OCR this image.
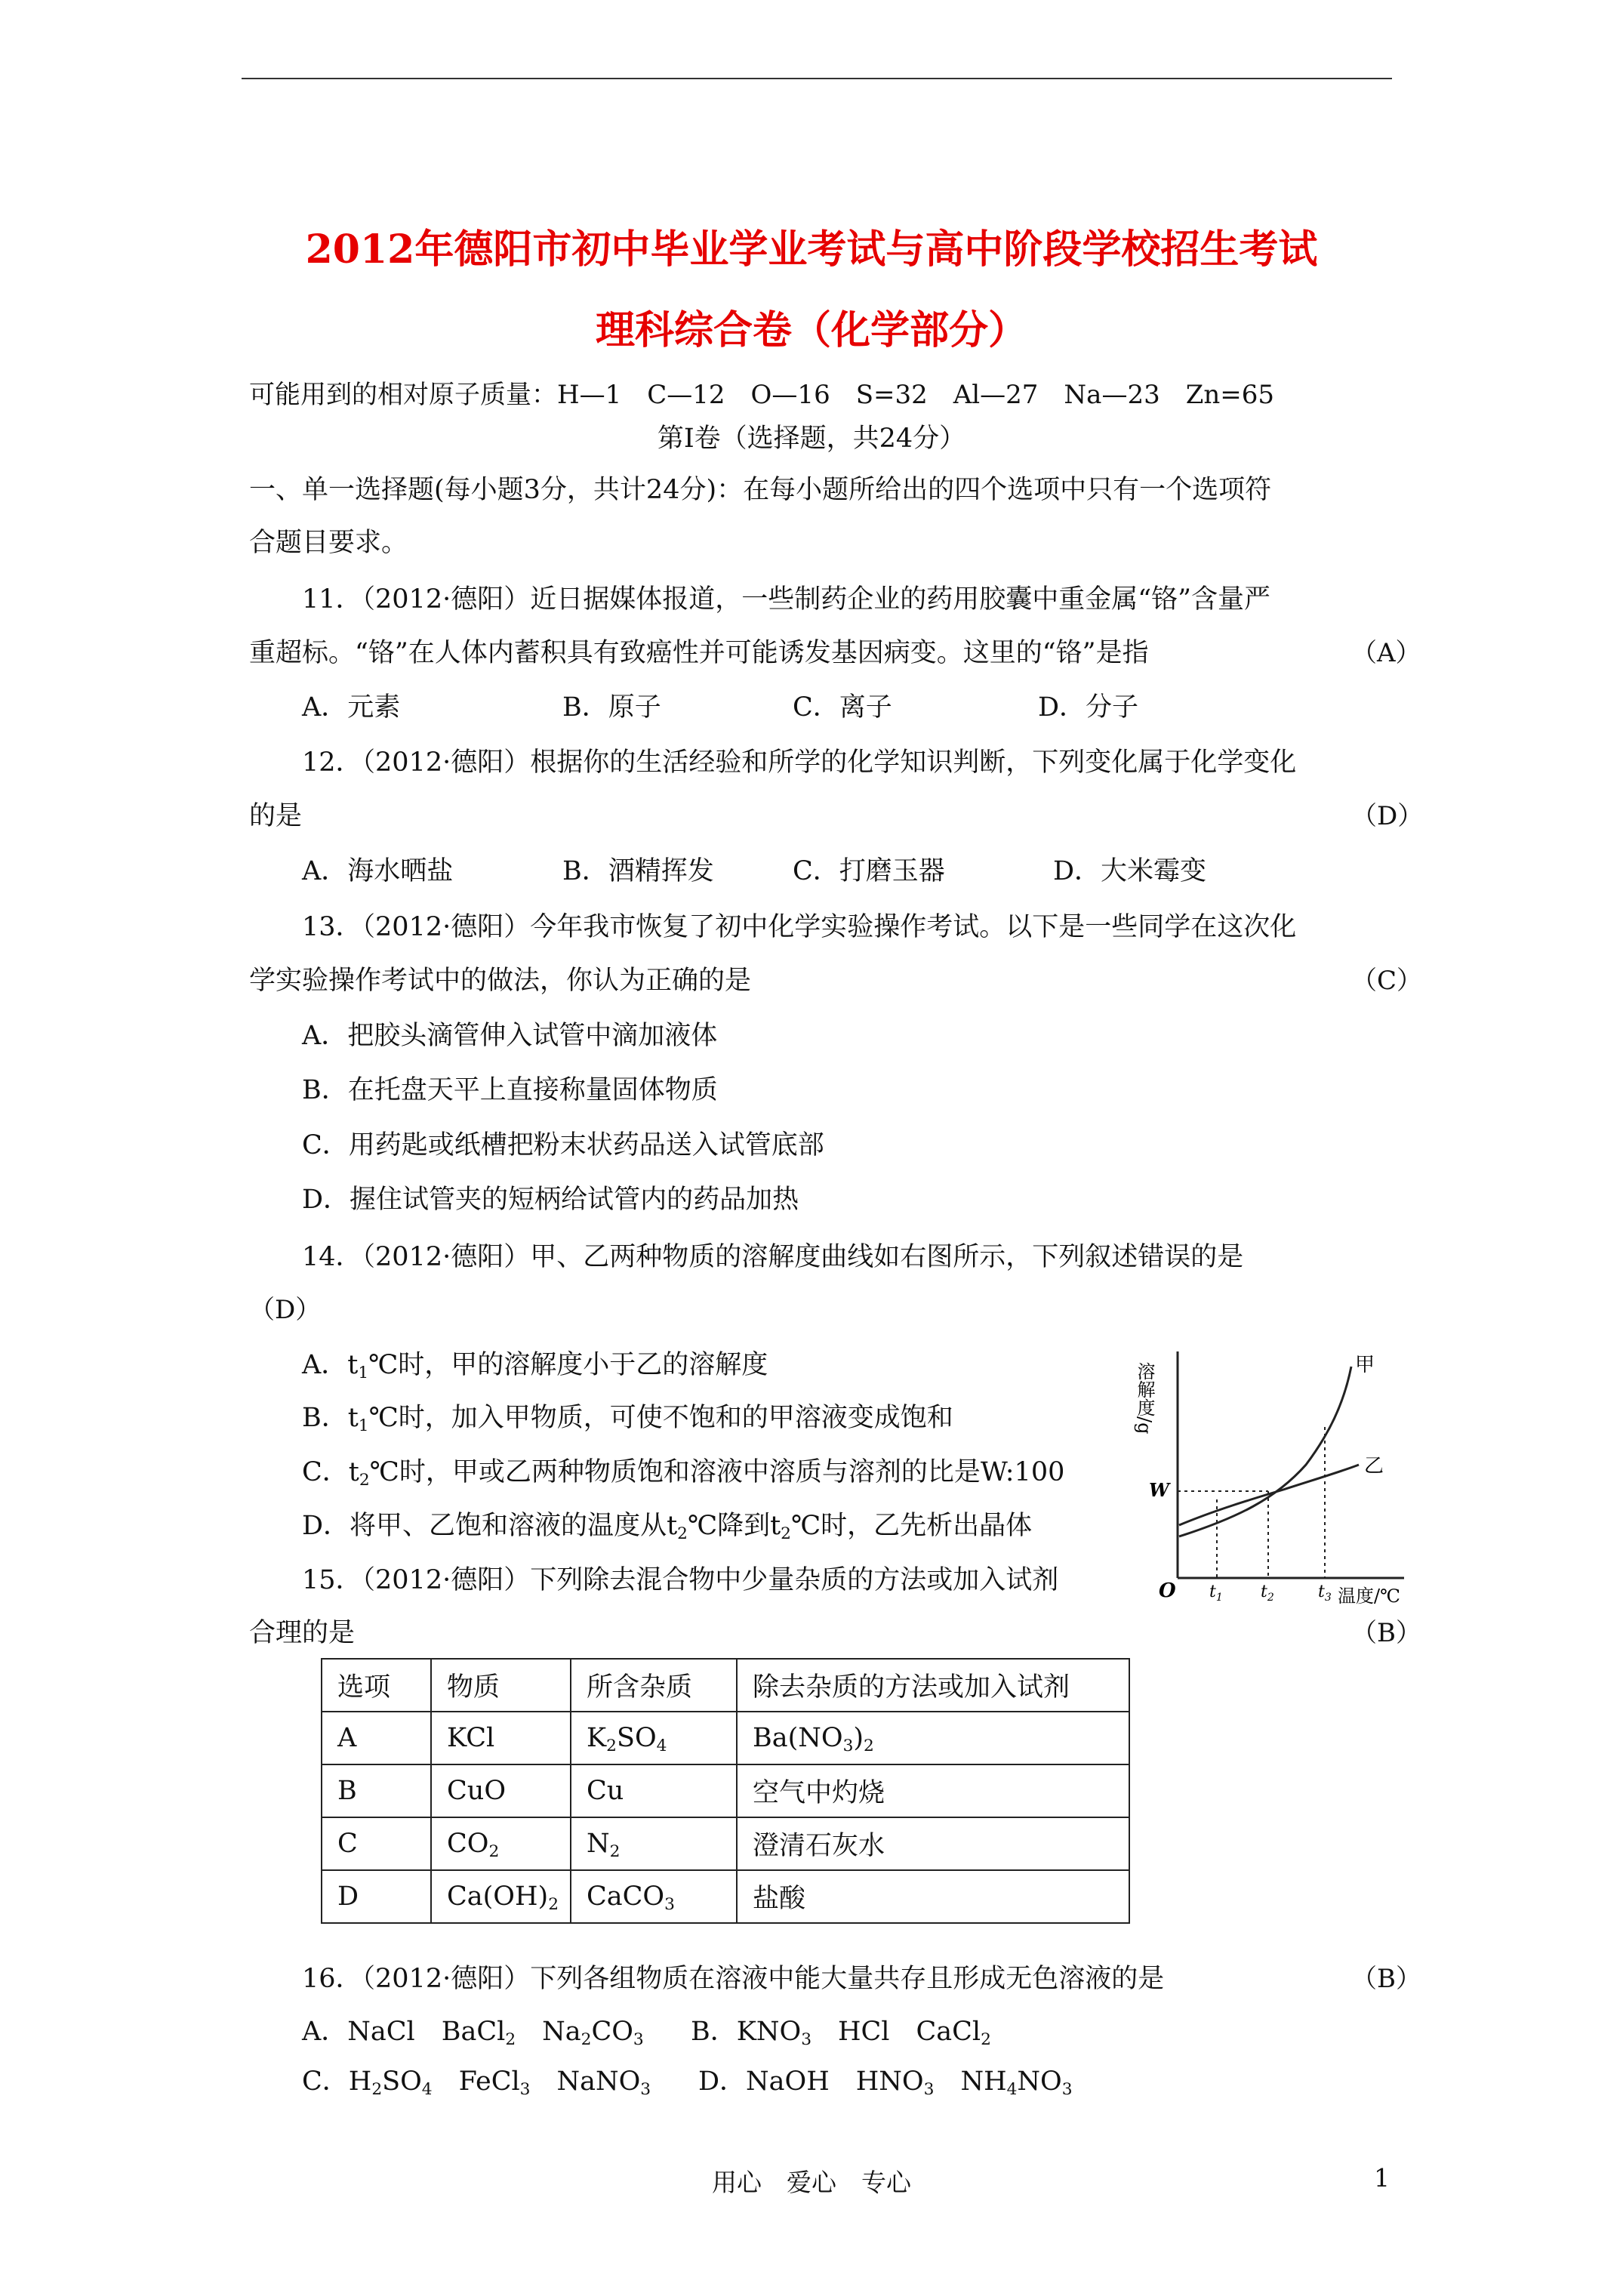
2012年德阳市初中毕业学业考试与高中阶段学校招生考试
理科综合卷（化学部分）
可能用到的相对原子质量：H—1　C—12　O—16　S=32　Al—27　Na—23　Zn=65
第Ⅰ卷（选择题，共24分）
一、单一选择题(每小题3分，共计24分)：在每小题所给出的四个选项中只有一个选项符
合题目要求。
11．（2012·德阳）近日据媒体报道，一些制药企业的药用胶囊中重金属“铬”含量严
重超标。“铬”在人体内蓄积具有致癌性并可能诱发基因病变。这里的“铬”是指	（A）
A．元素	B．原子	C．离子	D．分子
12．（2012·德阳）根据你的生活经验和所学的化学知识判断，下列变化属于化学变化
的是	（D）
A．海水晒盐	B．酒精挥发	C．打磨玉器	D．大米霉变
13．（2012·德阳）今年我市恢复了初中化学实验操作考试。以下是一些同学在这次化
学实验操作考试中的做法，你认为正确的是	（C）
A．把胶头滴管伸入试管中滴加液体
B．在托盘天平上直接称量固体物质
C．用药匙或纸槽把粉末状药品送入试管底部
D．握住试管夹的短柄给试管内的药品加热
14．（2012·德阳）甲、乙两种物质的溶解度曲线如右图所示，下列叙述错误的是
（D）
A．$t_1℃$时，甲的溶解度小于乙的溶解度
B．$t_1℃$时，加入甲物质，可使不饱和的甲溶液变成饱和
C．$t_2℃$时，甲或乙两种物质饱和溶液中溶质与溶剂的比是W:100
D．将甲、乙饱和溶液的温度从$t_2℃$降到$t_2℃$时，乙先析出晶体
甲
乙
W
O $t_1$ $t_2$	$t_3$ 温度/℃
溶解度/g
15．（2012·德阳）下列除去混合物中少量杂质的方法或加入试剂
合理的是	（B）
选项	物质	所含杂质	除去杂质的方法或加入试剂
A	KCl	$K_2SO_4$	$Ba(NO_3)_2$
B	CuO	Cu	空气中灼烧
C	$CO_2$	$N_2$	澄清石灰水
D	$Ca(OH)_2$	CaCO$_3$	盐酸
16．（2012·德阳）下列各组物质在溶液中能大量共存且形成无色溶液的是	（B）
A．NaCl　BaCl$_2$　$Na_2CO_3$ B．$KNO_3$　HCl　CaCl$_2$
C．$H_2SO_4$　FeCl$_3$　NaNO$_3$ D．NaOH　$HNO_3$　$NH_4NO_3$
用心　爱心　专心	1
